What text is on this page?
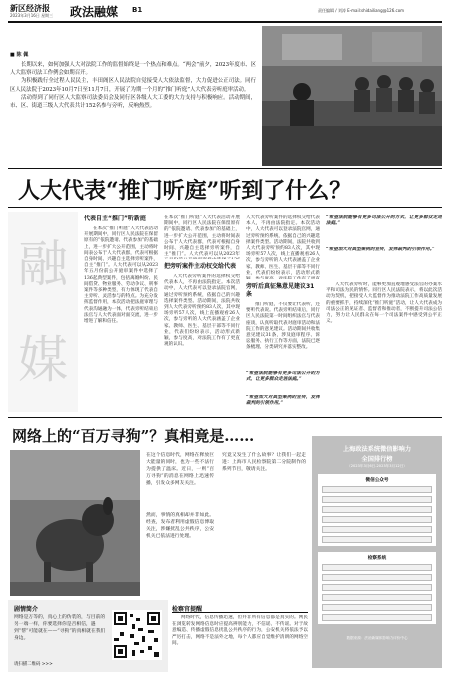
新区经济报
2023年3月16日 星期三 政法融媒 B1	责任编辑 / 刘涛 E-mail:shidailiang@126.com
■ 陈 佩

长期以来，如何加强人大对法院工作的监督始终是一个热点和难点。“两会”前夕，2023年度市、区人大监察司法工作例会如期召开。

为积极践行全过程人民民主，丰田阁区人民法院自觉接受人大依法监督，大力促进公正司法。同行区人民法院于2023年10月7日至11月7日，开展了为期一个月的“推门听庭”人大代表旁听庭审活动。

活动得到了同行区人大监察司法委员会及同行区各级人大工委的大力支持与积极响应。活动期间，市、区、街道三级人大代表共计152名参与旁听，反响热烈。

人大代表“推门听庭”听到了什么？
融
媒
代表自主“推门”听新庭
在本次“推门听庭”人大代表活动开展期间中，同行区人民法院在保留原有的“依院邀请、代表参加”的基础上，进一步扩大公开范围，主动将时间表公布于人大代表群，代表可根据自身时间、兴趣自主选择旁听案件，自主“推门”。人大代表可以从2023年五月份前公开庭审案件中选择了136起典型案件，包括离婚纠纷、民间借贷、物业服务、劳动争议、刑事案件等多种类型，有力体现了代表自主旁听、灵活参与的特点。为充分发挥监督作用，本次活动把法庭审理与代表沟通融为一体，代表旁听结束后法官与人大代表面对面交流，进一步增进了解和信任。
在本次“推门听庭”人大代表活动开展期间中，同行区人民法院在保留原有的“依院邀请、代表参加”的基础上，进一步扩大公开范围，主动将时间表公布于人大代表群，代表可根据自身时间、兴趣自主选择旁听案件，自主“推门”。人大代表可以从2023年
把旁听案件主动权交给代表
人大代表旁听案件的选择权交给代表本人，不再由法院指定。本次活动中，人大代表可以登录法院官网，通过旁听预约系统，依据自己的兴趣选择案件类型。活动期间，法院共收到人大代表旁听预约83人次，其中现场旁听57人次，线上直播观看26人次，参与旁听的人大代表涵盖了企业家、教师、医生、基层干部等不同行业，代表们纷纷表示，活动形式新颖，参与度高，对法院工作有了更直观的认识。
人大代表旁听案件的选择权交给代表本人，不再由法院指定。本次活动中，人大代表可以登录法院官网，通过旁听预约系统，依据自己的兴趣选择案件类型。活动期间，法院共收到人大代表旁听预约83人次，其中现场旁听57人次，线上直播观看26人次，参与旁听的人大代表涵盖了企业家、教师、医生、基层干部等不同行业，代表们纷纷表示，活动形式新
旁听后真征集意见建议31条
推门听庭，不仅要让代表听，还要听代表说。代表旁听结束后，同行区人民法院第一时间组织法官与代表座谈，认真听取代表对庭审活动和法院工作的意见建议。活动期间共收集意见建议31条，涉及庭审程序、诉讼服务、执行工作等方面，法院已逐条梳理、分类研究并落实整改。
“希望法院能够有更多司法公开的方式，让更多群众走进法庭。”
“希望加大对典型案例的宣传，发挥裁判的引领作用。”
“希望法院能够有更多司法公开的方式，让更多群众走进法庭。”
“希望加大对典型案例的宣传，发挥裁判的引领作用。”
人大代表旁听时，能够更加直观地感受法官的办案水平和司法为民的情怀。同行区人民法院表示，将以此次活动为契机，把接受人大监督作为推动法院工作高质量发展的重要抓手，持续深化“推门听庭”活动，让人大代表成为司法公正的见证者、监督者和推动者，不断提升司法公信力，努力让人民群众在每一个司法案件中感受到公平正义。
网络上的“百万寻狗”？真相竟是……
在这个信息时代，网络在释放巨大能量的同时，也为一些不法行为提供了温床。近日，一则“百万寻狗”的消息在网络上迅速传播，引发众多网友关注。
然而，事情的真相却并非如此。经查，发布者利用虚假信息博取关注，涉嫌扰乱公共秩序，公安机关已依法进行处理。
究竟又发生了什么故事？让我们一起走进：上海市人民检察院第二分院制作的系列节目，敬请关注。
上海政法系统微信影响力
全国排行榜
（2023年3月6日-2023年3月12日）
微信公众号
检察系统
数据来源：法治新媒体影响力评价中心
剧情简介
网络是万等的，真心上的伪装的，与目前的另一端一样，你要选择你是否相信，遇到“帮”可能就在——“寻狗”的真相就在我们身边。
请扫描二维码 >>>
检察官提醒
网络时代，信息传播迅速，但并非所有信息都是真实的。网民在浏览转发网络信息时应提高辨别能力，不信谣、不传谣。对于故意编造、传播虚假信息扰乱公共秩序的行为，公安机关将依法予以严厉打击，网络不是法外之地，每个人都应自觉维护清朗的网络空间。
